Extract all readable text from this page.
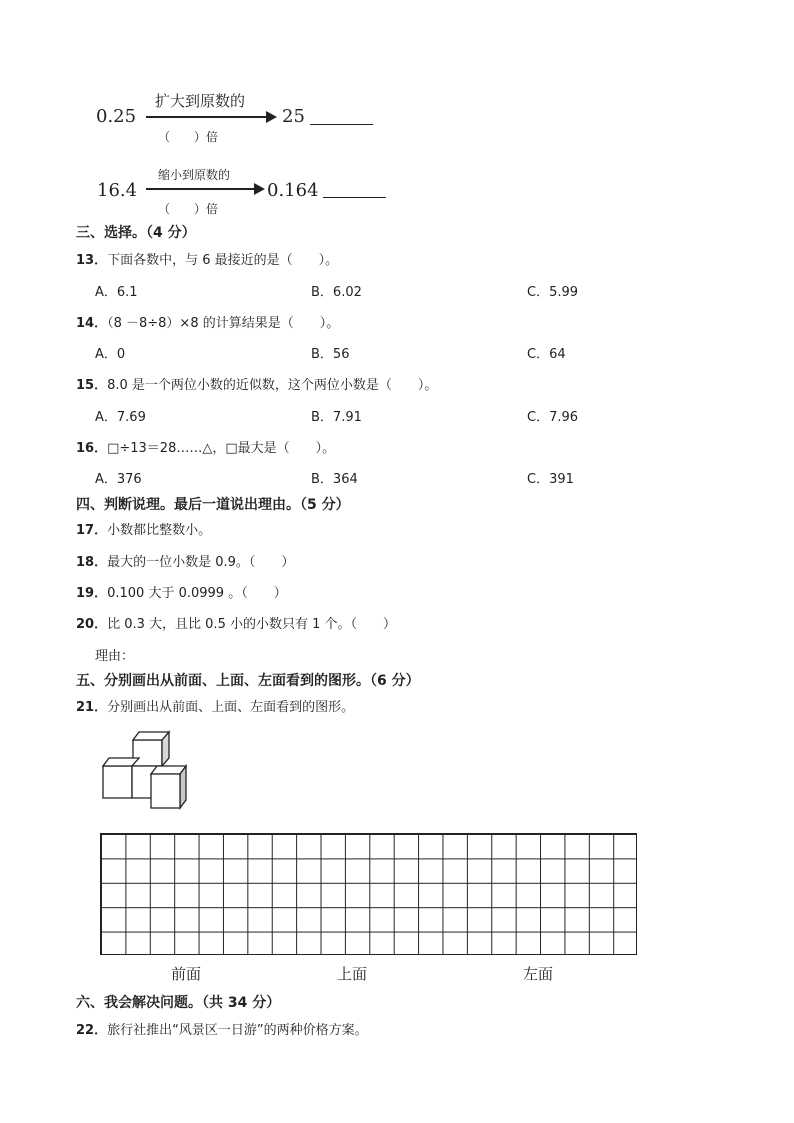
0.25
扩大到原数的
（　　）倍
25
16.4
缩小到原数的
（　　）倍
0.164
三、选择。（4 分）
13．下面各数中，与 6 最接近的是（　　）。
A．6.1	B．6.02	C．5.99
14．（8 －8÷8）×8 的计算结果是（　　）。
A．0	B．56	C．64
15．8.0 是一个两位小数的近似数，这个两位小数是（　　）。
A．7.69	B．7.91	C．7.96
16．□÷13＝28……△，□最大是（　　）。
A．376	B．364	C．391
四、判断说理。最后一道说出理由。（5 分）
17．小数都比整数小。
18．最大的一位小数是 0.9。（　　）
19．0.100 大于 0.0999 。（　　）
20．比 0.3 大，且比 0.5 小的小数只有 1 个。（　　）
理由：
五、分别画出从前面、上面、左面看到的图形。（6 分）
21．分别画出从前面、上面、左面看到的图形。
前面	上面	左面
六、我会解决问题。（共 34 分）
22．旅行社推出“风景区一日游”的两种价格方案。
